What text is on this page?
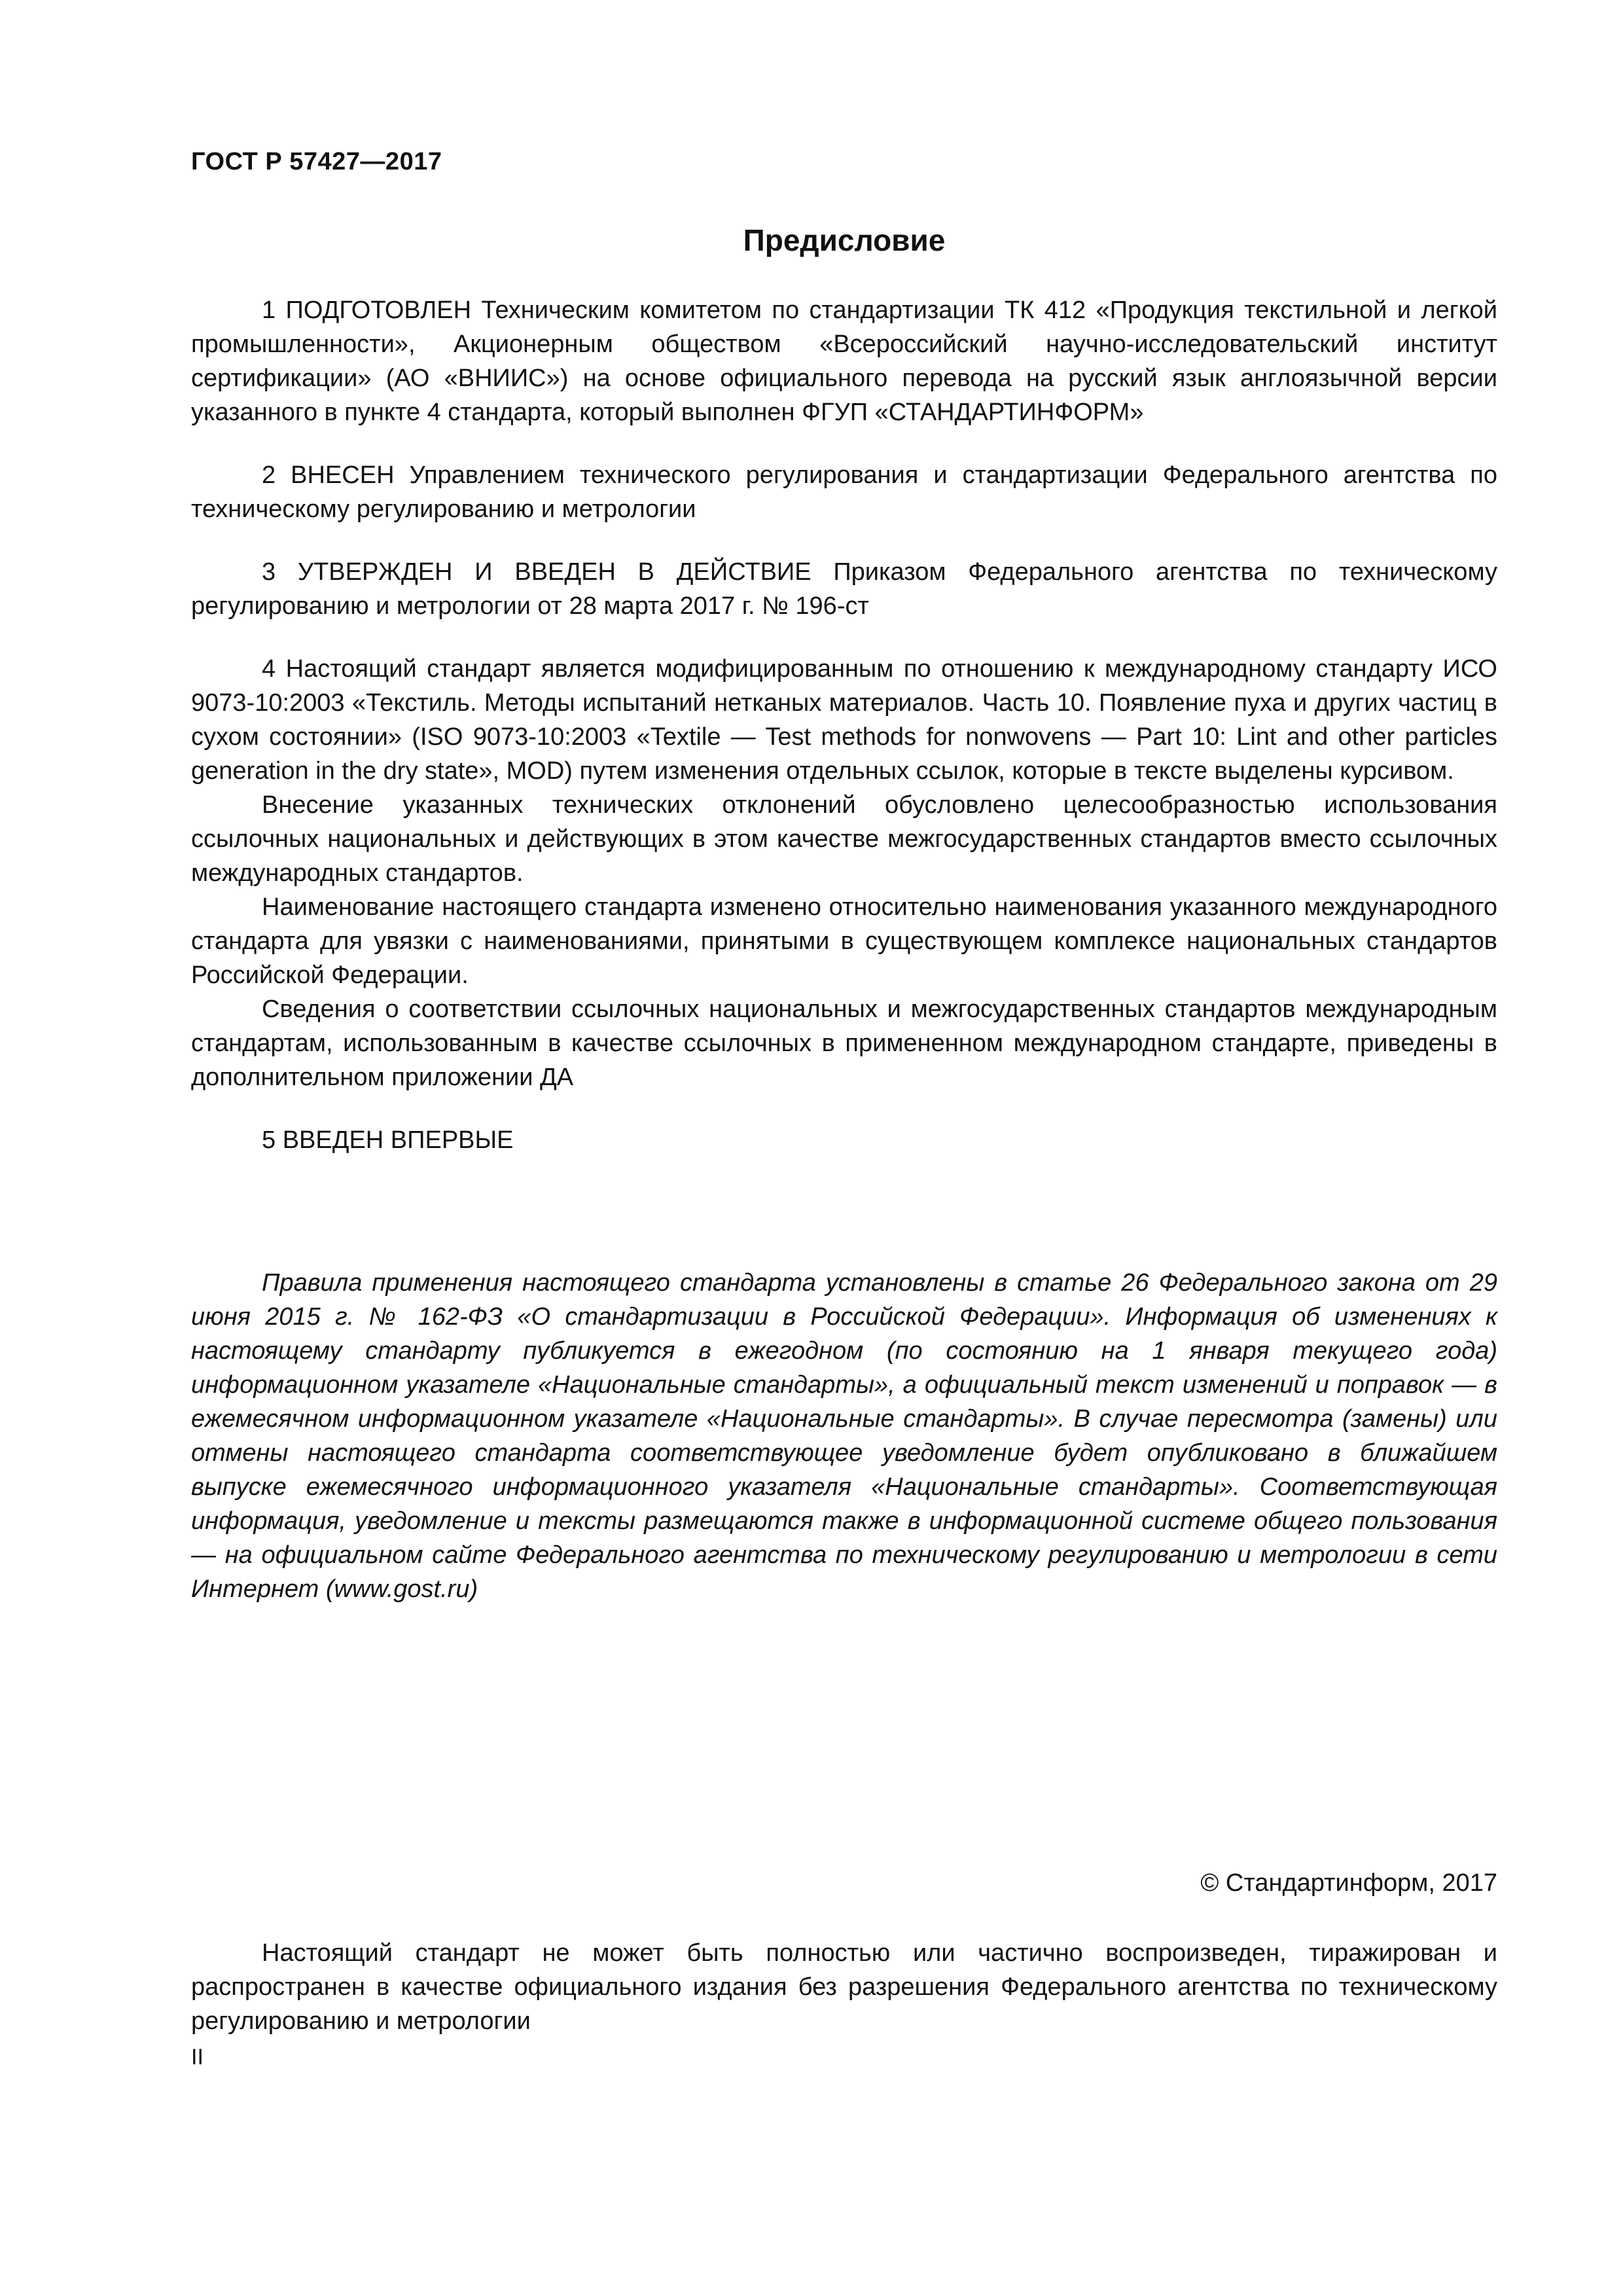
ГОСТ Р 57427—2017
Предисловие

1 ПОДГОТОВЛЕН Техническим комитетом по стандартизации ТК 412 «Продукция текстильной и легкой промышленности», Акционерным обществом «Всероссийский научно-исследовательский институт сертификации» (АО «ВНИИС») на основе официального перевода на русский язык англоязычной версии указанного в пункте 4 стандарта, который выполнен ФГУП «СТАНДАРТИНФОРМ»

2 ВНЕСЕН Управлением технического регулирования и стандартизации Федерального агентства по техническому регулированию и метрологии

3 УТВЕРЖДЕН И ВВЕДЕН В ДЕЙСТВИЕ Приказом Федерального агентства по техническому регулированию и метрологии от 28 марта 2017 г. № 196-ст

4 Настоящий стандарт является модифицированным по отношению к международному стандарту ИСО 9073-10:2003 «Текстиль. Методы испытаний нетканых материалов. Часть 10. Появление пуха и других частиц в сухом состоянии» (ISO 9073-10:2003 «Textile — Test methods for nonwovens — Part 10: Lint and other particles generation in the dry state», MOD) путем изменения отдельных ссылок, которые в тексте выделены курсивом.

Внесение указанных технических отклонений обусловлено целесообразностью использования ссылочных национальных и действующих в этом качестве межгосударственных стандартов вместо ссылочных международных стандартов.

Наименование настоящего стандарта изменено относительно наименования указанного международного стандарта для увязки с наименованиями, принятыми в существующем комплексе национальных стандартов Российской Федерации.

Сведения о соответствии ссылочных национальных и межгосударственных стандартов международным стандартам, использованным в качестве ссылочных в примененном международном стандарте, приведены в дополнительном приложении ДА

5 ВВЕДЕН ВПЕРВЫЕ

Правила применения настоящего стандарта установлены в статье 26 Федерального закона от 29 июня 2015 г. № 162-ФЗ «О стандартизации в Российской Федерации». Информация об изменениях к настоящему стандарту публикуется в ежегодном (по состоянию на 1 января текущего года) информационном указателе «Национальные стандарты», а официальный текст изменений и поправок — в ежемесячном информационном указателе «Национальные стандарты». В случае пересмотра (замены) или отмены настоящего стандарта соответствующее уведомление будет опубликовано в ближайшем выпуске ежемесячного информационного указателя «Национальные стандарты». Соответствующая информация, уведомление и тексты размещаются также в информационной системе общего пользования — на официальном сайте Федерального агентства по техническому регулированию и метрологии в сети Интернет (www.gost.ru)

© Стандартинформ, 2017

Настоящий стандарт не может быть полностью или частично воспроизведен, тиражирован и распространен в качестве официального издания без разрешения Федерального агентства по техническому регулированию и метрологии

II
